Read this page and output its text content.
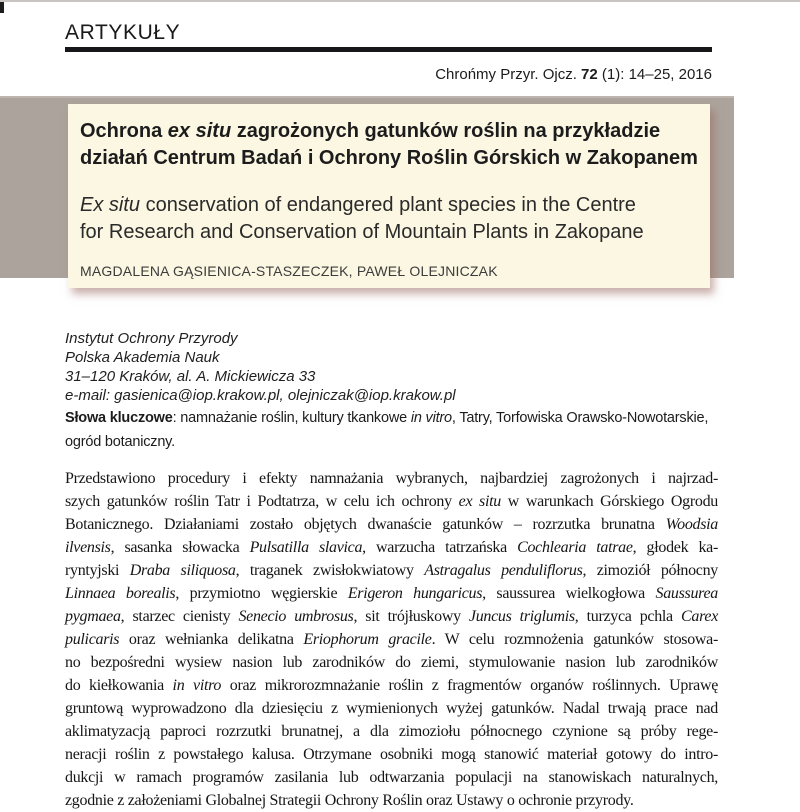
ARTYKUŁY
Chrońmy Przyr. Ojcz. 72 (1): 14–25, 2016
Ochrona ex situ zagrożonych gatunków roślin na przykładzie
działań Centrum Badań i Ochrony Roślin Górskich w Zakopanem
Ex situ conservation of endangered plant species in the Centre
for Research and Conservation of Mountain Plants in Zakopane
MAGDALENA GĄSIENICA-STASZECZEK, PAWEŁ OLEJNICZAK
Instytut Ochrony Przyrody
Polska Akademia Nauk
31–120 Kraków, al. A. Mickiewicza 33
e-mail: gasienica@iop.krakow.pl, olejniczak@iop.krakow.pl
Słowa kluczowe: namnażanie roślin, kultury tkankowe in vitro, Tatry, Torfowiska Orawsko-Nowotarskie,
ogród botaniczny.
Przedstawiono procedury i efekty namnażania wybranych, najbardziej zagrożonych i najrzad-
szych gatunków roślin Tatr i Podtatrza, w celu ich ochrony ex situ w warunkach Górskiego Ogrodu
Botanicznego. Działaniami zostało objętych dwanaście gatunków – rozrzutka brunatna Woodsia
ilvensis, sasanka słowacka Pulsatilla slavica, warzucha tatrzańska Cochlearia tatrae, głodek ka-
ryntyjski Draba siliquosa, traganek zwisłokwiatowy Astragalus penduliflorus, zimoziół północny
Linnaea borealis, przymiotno węgierskie Erigeron hungaricus, saussurea wielkogłowa Saussurea
pygmaea, starzec cienisty Senecio umbrosus, sit trójłuskowy Juncus triglumis, turzyca pchla Carex
pulicaris oraz wełnianka delikatna Eriophorum gracile. W celu rozmnożenia gatunków stosowa-
no bezpośredni wysiew nasion lub zarodników do ziemi, stymulowanie nasion lub zarodników
do kiełkowania in vitro oraz mikrorozmnażanie roślin z fragmentów organów roślinnych. Uprawę
gruntową wyprowadzono dla dziesięciu z wymienionych wyżej gatunków. Nadal trwają prace nad
aklimatyzacją paproci rozrzutki brunatnej, a dla zimoziołu północnego czynione są próby rege-
neracji roślin z powstałego kalusa. Otrzymane osobniki mogą stanowić materiał gotowy do intro-
dukcji w ramach programów zasilania lub odtwarzania populacji na stanowiskach naturalnych,
zgodnie z założeniami Globalnej Strategii Ochrony Roślin oraz Ustawy o ochronie przyrody.
